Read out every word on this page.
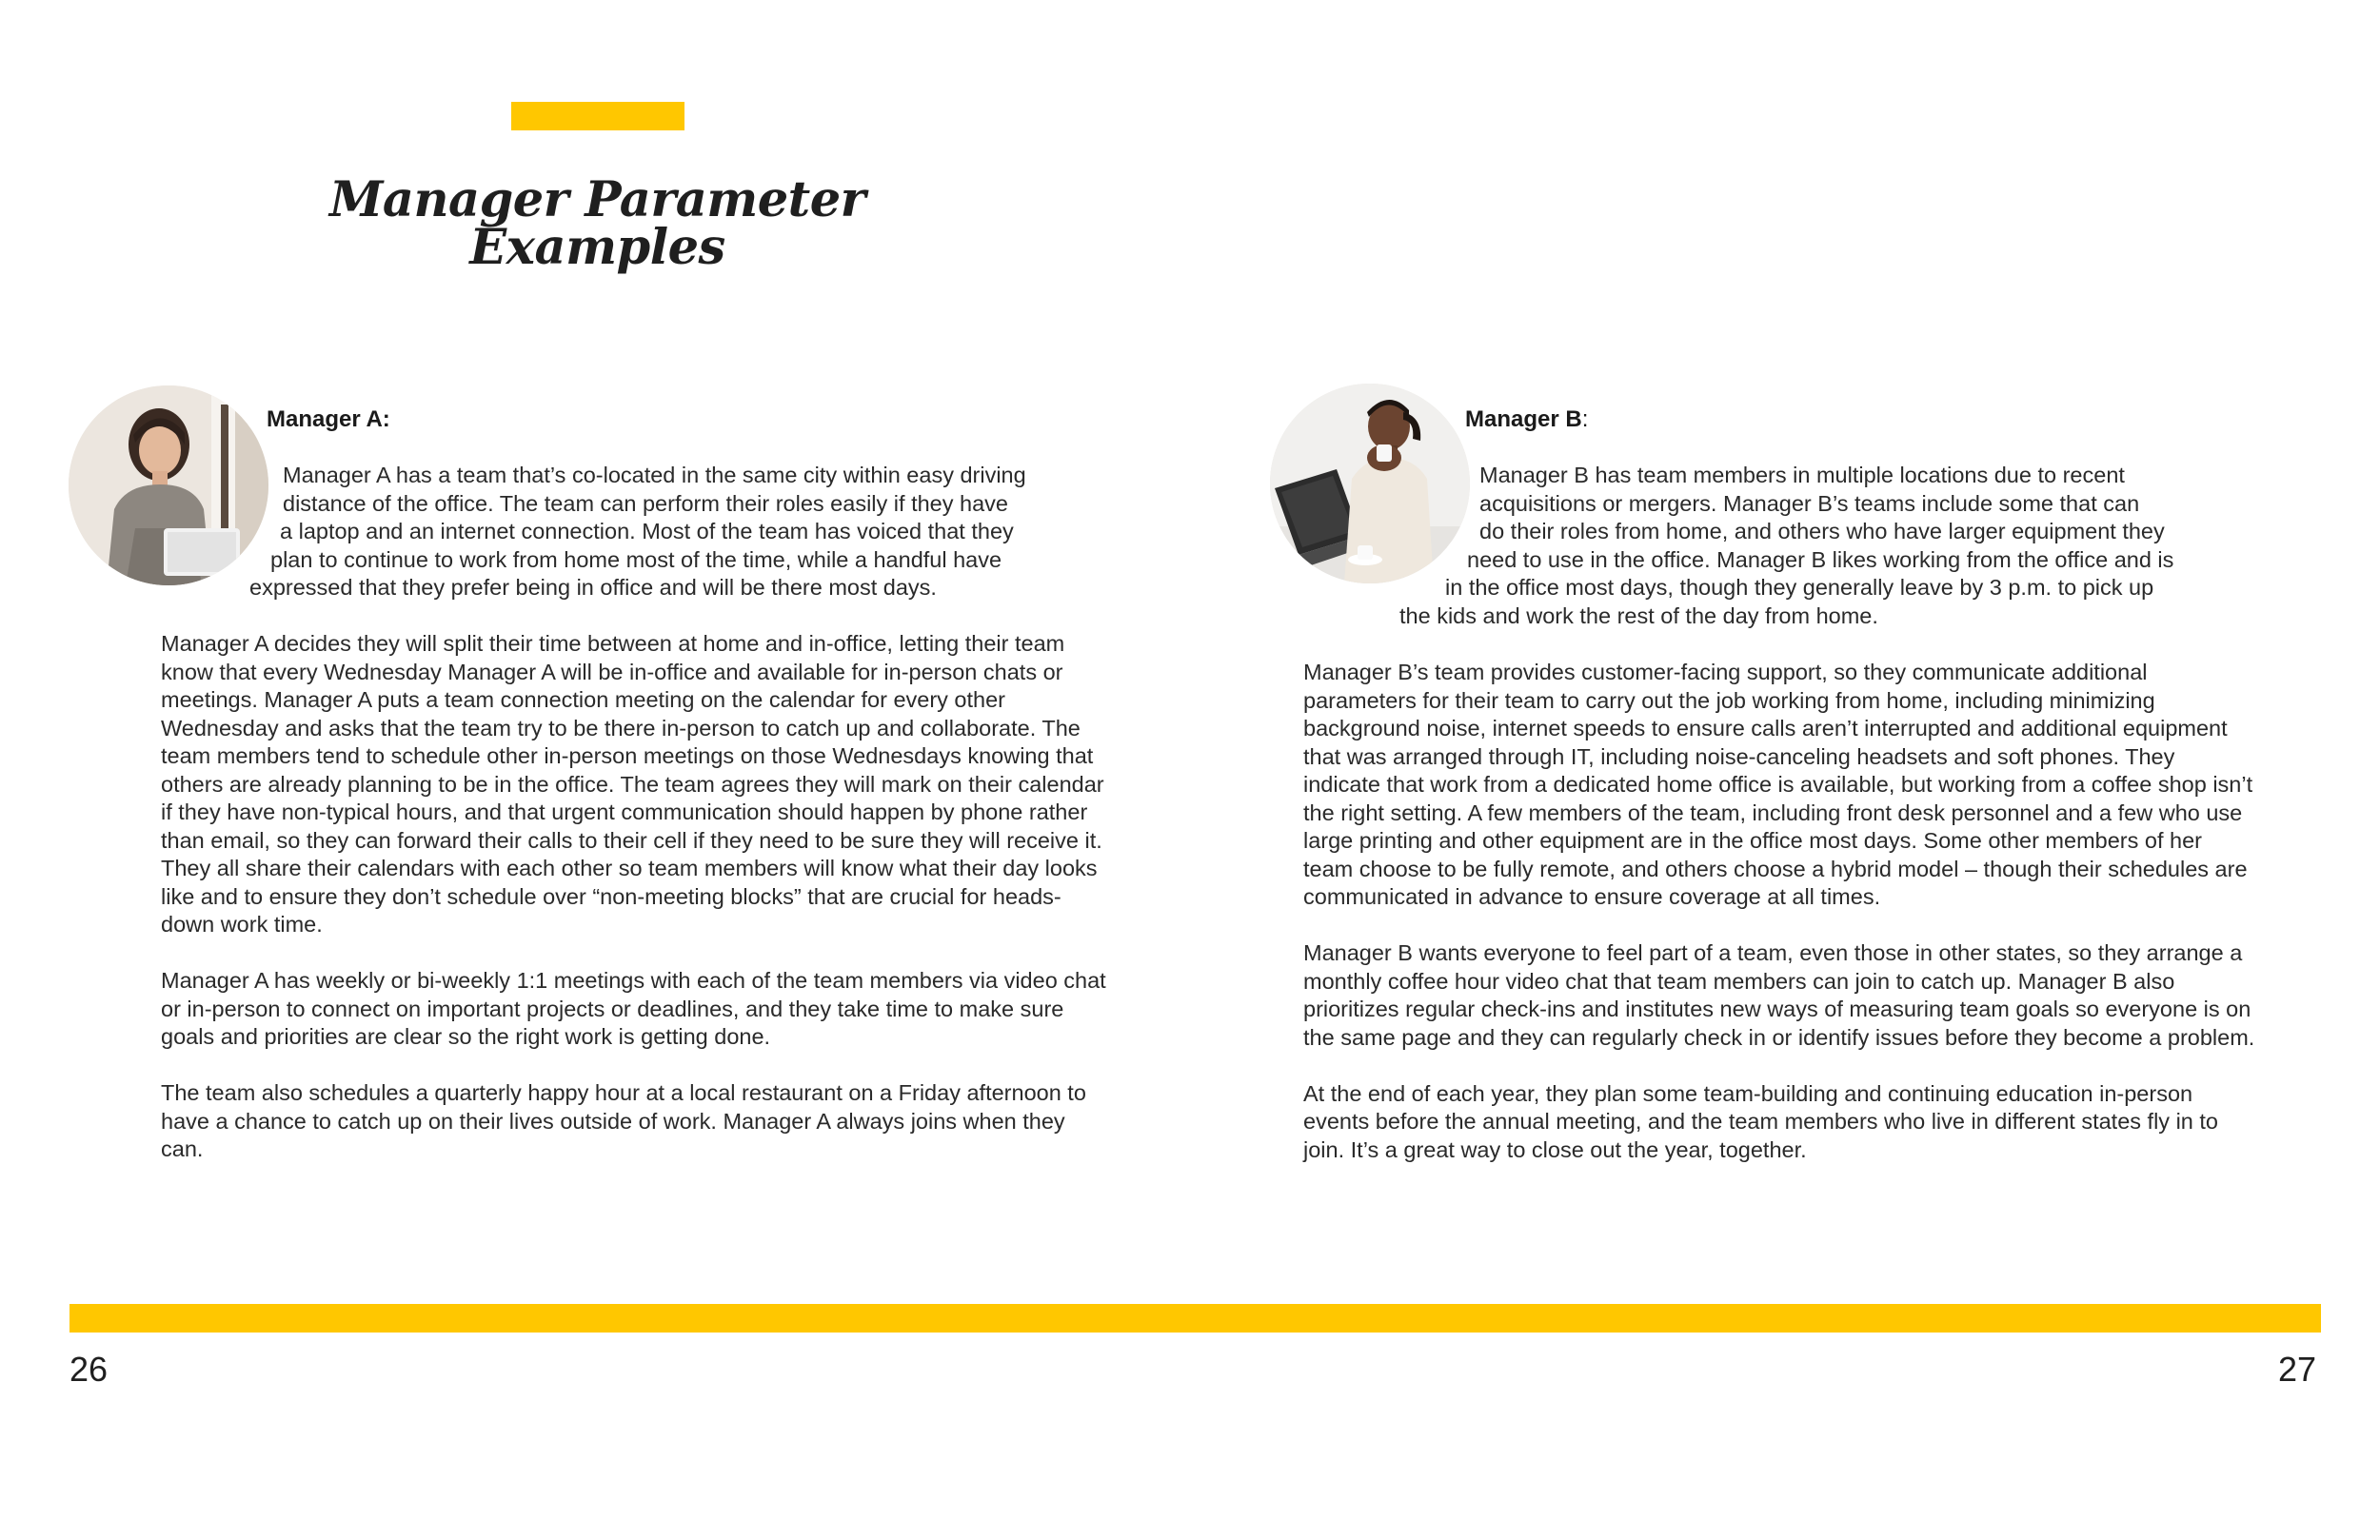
Manager Parameter
Examples
Manager A:
Manager A has a team that’s co-located in the same city within easy driving
distance of the office. The team can perform their roles easily if they have
a laptop and an internet connection. Most of the team has voiced that they
plan to continue to work from home most of the time, while a handful have
expressed that they prefer being in office and will be there most days.

Manager A decides they will split their time between at home and in-office, letting their team know that every Wednesday Manager A will be in-office and available for in-person chats or meetings. Manager A puts a team connection meeting on the calendar for every other Wednesday and asks that the team try to be there in-person to catch up and collaborate. The team members tend to schedule other in-person meetings on those Wednesdays knowing that others are already planning to be in the office. The team agrees they will mark on their calendar if they have non-typical hours, and that urgent communication should happen by phone rather than email, so they can forward their calls to their cell if they need to be sure they will receive it. They all share their calendars with each other so team members will know what their day looks like and to ensure they don’t schedule over “non-meeting blocks” that are crucial for heads-down work time.

Manager A has weekly or bi-weekly 1:1 meetings with each of the team members via video chat or in-person to connect on important projects or deadlines, and they take time to make sure goals and priorities are clear so the right work is getting done.

The team also schedules a quarterly happy hour at a local restaurant on a Friday afternoon to have a chance to catch up on their lives outside of work. Manager A always joins when they can.

Manager B:
Manager B has team members in multiple locations due to recent
acquisitions or mergers. Manager B’s teams include some that can
do their roles from home, and others who have larger equipment they
need to use in the office. Manager B likes working from the office and is
in the office most days, though they generally leave by 3 p.m. to pick up
the kids and work the rest of the day from home.

Manager B’s team provides customer-facing support, so they communicate additional parameters for their team to carry out the job working from home, including minimizing background noise, internet speeds to ensure calls aren’t interrupted and additional equipment that was arranged through IT, including noise-canceling headsets and soft phones. They indicate that work from a dedicated home office is available, but working from a coffee shop isn’t the right setting. A few members of the team, including front desk personnel and a few who use large printing and other equipment are in the office most days. Some other members of her team choose to be fully remote, and others choose a hybrid model – though their schedules are communicated in advance to ensure coverage at all times.

Manager B wants everyone to feel part of a team, even those in other states, so they arrange a monthly coffee hour video chat that team members can join to catch up. Manager B also prioritizes regular check-ins and institutes new ways of measuring team goals so everyone is on the same page and they can regularly check in or identify issues before they become a problem.

At the end of each year, they plan some team-building and continuing education in-person events before the annual meeting, and the team members who live in different states fly in to join. It’s a great way to close out the year, together.

26	27
